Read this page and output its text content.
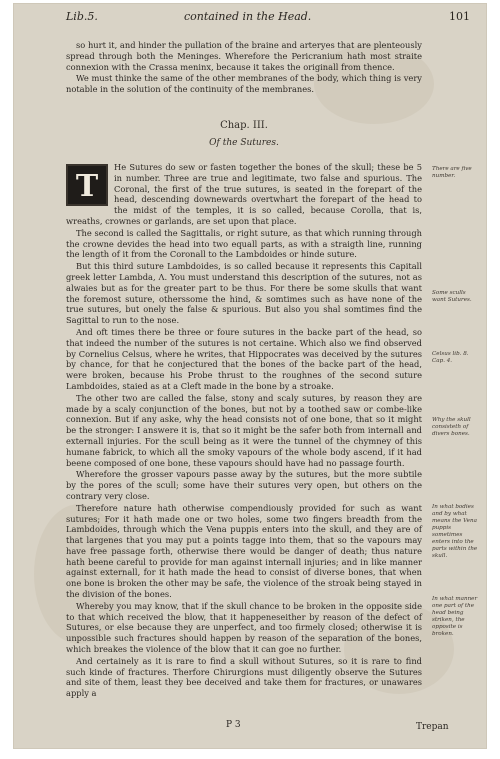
Lib.5.	contained in the Head.	101

so hurt it, and hinder the pullation of the braine and arteryes that are plenteously spread through both the Meninges. Wherefore the Pericranium hath most straite connexion with the Crassa meninx, because it takes the originall from thence.

We must thinke the same of the other membranes of the body, which thing is very notable in the solution of the continuity of the membranes.

Chap. III.
Of the Sutures.

T
He Sutures do sew or fasten together the bones of the skull; these be 5 in number. Three are true and legitimate, two false and spurious. The Coronal, the first of the true sutures, is seated in the forepart of the head, descending downewards overtwhart the forepart of the head to the midst of the temples, it is so called, because Corolla, that is, wreaths, crownes or garlands, are set upon that place.

The second is called the Sagittalis, or right suture, as that which running through the crowne devides the head into two equall parts, as with a straigth line, running the length of it from the Coronall to the Lambdoides or hinde suture.

But this third suture Lambdoides, is so called because it represents this Capitall greek letter Lambda, Λ. You must understand this description of the sutures, not as alwaies but as for the greater part to be thus. For there be some skulls that want the foremost suture, otherssome the hind, & somtimes such as have none of the true sutures, but onely the false & spurious. But also you shal somtimes find the Sagittal to run to the nose.

And oft times there be three or foure sutures in the backe part of the head, so that indeed the number of the sutures is not certaine. Which also we find observed by Cornelius Celsus, where he writes, that Hippocrates was deceived by the sutures by chance, for that he conjectured that the bones of the backe part of the head, were broken, because his Probe thrust to the roughnes of the second suture Lambdoides, staied as at a Cleft made in the bone by a stroake.

The other two are called the false, stony and scaly sutures, by reason they are made by a scaly conjunction of the bones, but not by a toothed saw or combe-like connexion. But if any aske, why the head consists not of one bone, that so it might be the stronger: I answere it is, that so it might be the safer both from internall and externall injuries. For the scull being as it were the tunnel of the chymney of this humane fabrick, to which all the smoky vapours of the whole body ascend, if it had beene composed of one bone, these vapours should have had no passage fourth.

Wherefore the grosser vapours passe away by the sutures, but the more subtile by the pores of the scull; some have their sutures very open, but others on the contrary very close.

Therefore nature hath otherwise compendiously provided for such as want sutures; For it hath made one or two holes, some two fingers breadth from the Lambdoides, through which the Vena puppis enters into the skull, and they are of that largenes that you may put a points tagge into them, that so the vapours may have free passage forth, otherwise there would be danger of death; thus nature hath beene careful to provide for man against internall injuries; and in like manner against externall, for it hath made the head to consist of diverse bones, that when one bone is broken the other may be safe, the violence of the stroak being stayed in the division of the bones.

Whereby you may know, that if the skull chance to be broken in the opposite side to that which received the blow, that it happeneseither by reason of the defect of Sutures, or else because they are unperfect, and too firmely closed; otherwise it is unpossible such fractures should happen by reason of the separation of the bones, which breakes the violence of the blow that it can goe no further.

And certainely as it is rare to find a skull without Sutures, so it is rare to find such kinde of fractures. Therfore Chirurgions must diligently observe the Sutures and site of them, least they bee deceived and take them for fractures, or unawares apply a

There are five number.
Some sculls want Sutures.
Celsus lib. 8. Cap. 4.
Why the skull consisteth of divers bones.
In what bodies and by what means the Vena puppis sometimes enters into the parts within the skull.
In what manner one part of the head being striken, the opposite is broken.
P 3	Trepan
